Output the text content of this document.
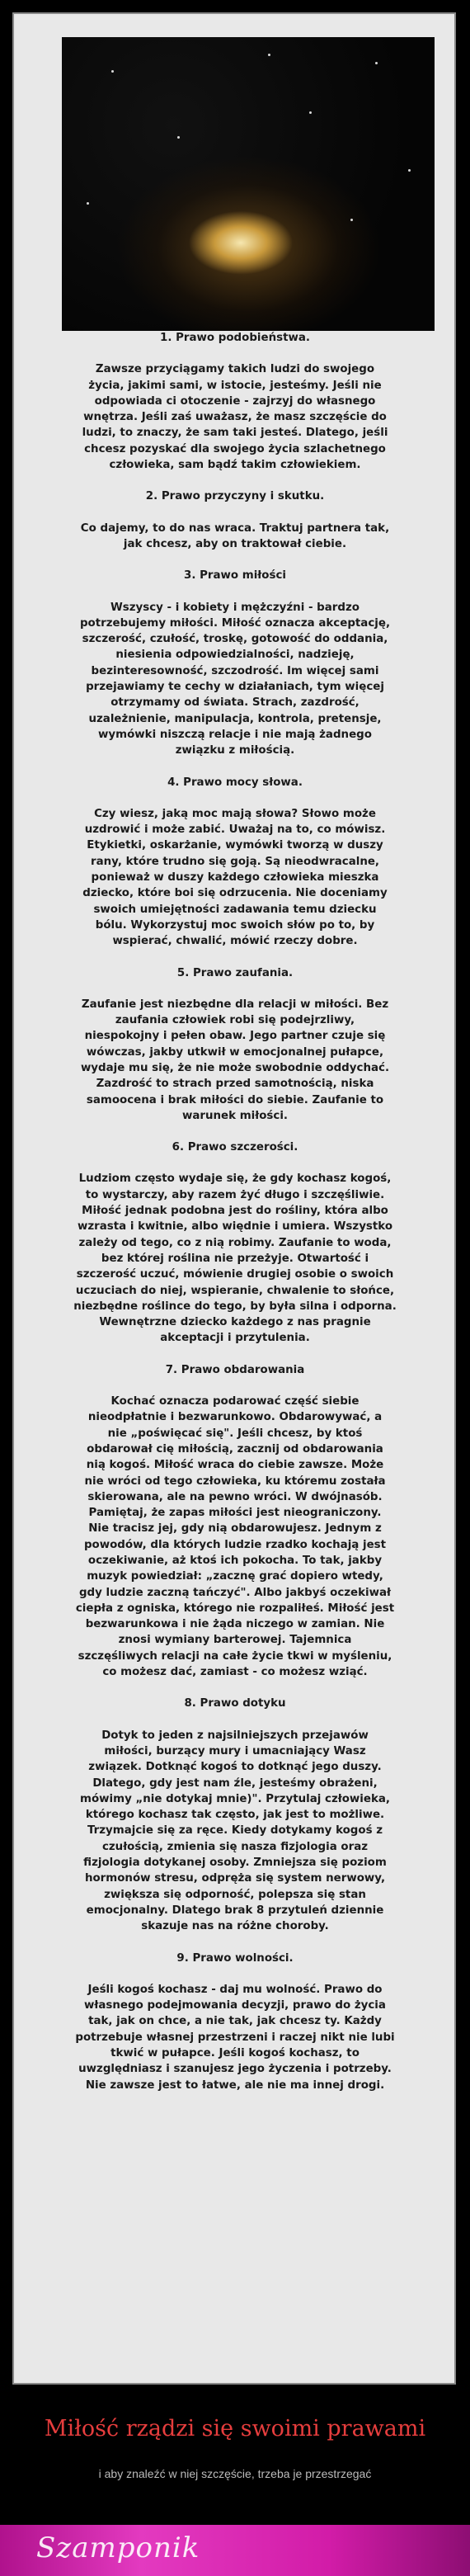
1. Prawo podobieństwa.

Zawsze przyciągamy takich ludzi do swojego

życia, jakimi sami, w istocie, jesteśmy. Jeśli nie

odpowiada ci otoczenie - zajrzyj do własnego

wnętrza. Jeśli zaś uważasz, że masz szczęście do

ludzi, to znaczy, że sam taki jesteś. Dlatego, jeśli

chcesz pozyskać dla swojego życia szlachetnego

człowieka, sam bądź takim człowiekiem.

2. Prawo przyczyny i skutku.

Co dajemy, to do nas wraca. Traktuj partnera tak,

jak chcesz, aby on traktował ciebie.

3. Prawo miłości

Wszyscy - i kobiety i mężczyźni - bardzo

potrzebujemy miłości. Miłość oznacza akceptację,

szczerość, czułość, troskę, gotowość do oddania,

niesienia odpowiedzialności, nadzieję,

bezinteresowność, szczodrość. Im więcej sami

przejawiamy te cechy w działaniach, tym więcej

otrzymamy od świata. Strach, zazdrość,

uzależnienie, manipulacja, kontrola, pretensje,

wymówki niszczą relacje i nie mają żadnego

związku z miłością.

4. Prawo mocy słowa.

Czy wiesz, jaką moc mają słowa? Słowo może

uzdrowić i może zabić. Uważaj na to, co mówisz.

Etykietki, oskarżanie, wymówki tworzą w duszy

rany, które trudno się goją. Są nieodwracalne,

ponieważ w duszy każdego człowieka mieszka

dziecko, które boi się odrzucenia. Nie doceniamy

swoich umiejętności zadawania temu dziecku

bólu. Wykorzystuj moc swoich słów po to, by

wspierać, chwalić, mówić rzeczy dobre.

5. Prawo zaufania.

Zaufanie jest niezbędne dla relacji w miłości. Bez

zaufania człowiek robi się podejrzliwy,

niespokojny i pełen obaw. Jego partner czuje się

wówczas, jakby utkwił w emocjonalnej pułapce,

wydaje mu się, że nie może swobodnie oddychać.

Zazdrość to strach przed samotnością, niska

samoocena i brak miłości do siebie. Zaufanie to

warunek miłości.

6. Prawo szczerości.

Ludziom często wydaje się, że gdy kochasz kogoś,

to wystarczy, aby razem żyć długo i szczęśliwie.

Miłość jednak podobna jest do rośliny, która albo

wzrasta i kwitnie, albo więdnie i umiera. Wszystko

zależy od tego, co z nią robimy. Zaufanie to woda,

bez której roślina nie przeżyje. Otwartość i

szczerość uczuć, mówienie drugiej osobie o swoich

uczuciach do niej, wspieranie, chwalenie to słońce,

niezbędne roślince do tego, by była silna i odporna.

Wewnętrzne dziecko każdego z nas pragnie

akceptacji i przytulenia.

7. Prawo obdarowania

Kochać oznacza podarować część siebie

nieodpłatnie i bezwarunkowo. Obdarowywać, a

nie „poświęcać się". Jeśli chcesz, by ktoś

obdarował cię miłością, zacznij od obdarowania

nią kogoś. Miłość wraca do ciebie zawsze. Może

nie wróci od tego człowieka, ku któremu została

skierowana, ale na pewno wróci. W dwójnasób.

Pamiętaj, że zapas miłości jest nieograniczony.

Nie tracisz jej, gdy nią obdarowujesz. Jednym z

powodów, dla których ludzie rzadko kochają jest

oczekiwanie, aż ktoś ich pokocha. To tak, jakby

muzyk powiedział: „zacznę grać dopiero wtedy,

gdy ludzie zaczną tańczyć". Albo jakbyś oczekiwał

ciepła z ogniska, którego nie rozpaliłeś. Miłość jest

bezwarunkowa i nie żąda niczego w zamian. Nie

znosi wymiany barterowej. Tajemnica

szczęśliwych relacji na całe życie tkwi w myśleniu,

co możesz dać, zamiast - co możesz wziąć.

8. Prawo dotyku

Dotyk to jeden z najsilniejszych przejawów

miłości, burzący mury i umacniający Wasz

związek. Dotknąć kogoś to dotknąć jego duszy.

Dlatego, gdy jest nam źle, jesteśmy obrażeni,

mówimy „nie dotykaj mnie)". Przytulaj człowieka,

którego kochasz tak często, jak jest to możliwe.

Trzymajcie się za ręce. Kiedy dotykamy kogoś z

czułością, zmienia się nasza fizjologia oraz

fizjologia dotykanej osoby. Zmniejsza się poziom

hormonów stresu, odpręża się system nerwowy,

zwiększa się odporność, polepsza się stan

emocjonalny. Dlatego brak 8 przytuleń dziennie

skazuje nas na różne choroby.

9. Prawo wolności.

Jeśli kogoś kochasz - daj mu wolność. Prawo do

własnego podejmowania decyzji, prawo do życia

tak, jak on chce, a nie tak, jak chcesz ty. Każdy

potrzebuje własnej przestrzeni i raczej nikt nie lubi

tkwić w pułapce. Jeśli kogoś kochasz, to

uwzględniasz i szanujesz jego życzenia i potrzeby.

Nie zawsze jest to łatwe, ale nie ma innej drogi.

Miłość rządzi się swoimi prawami
i aby znaleźć w niej szczęście, trzeba je przestrzegać
Szamponik
